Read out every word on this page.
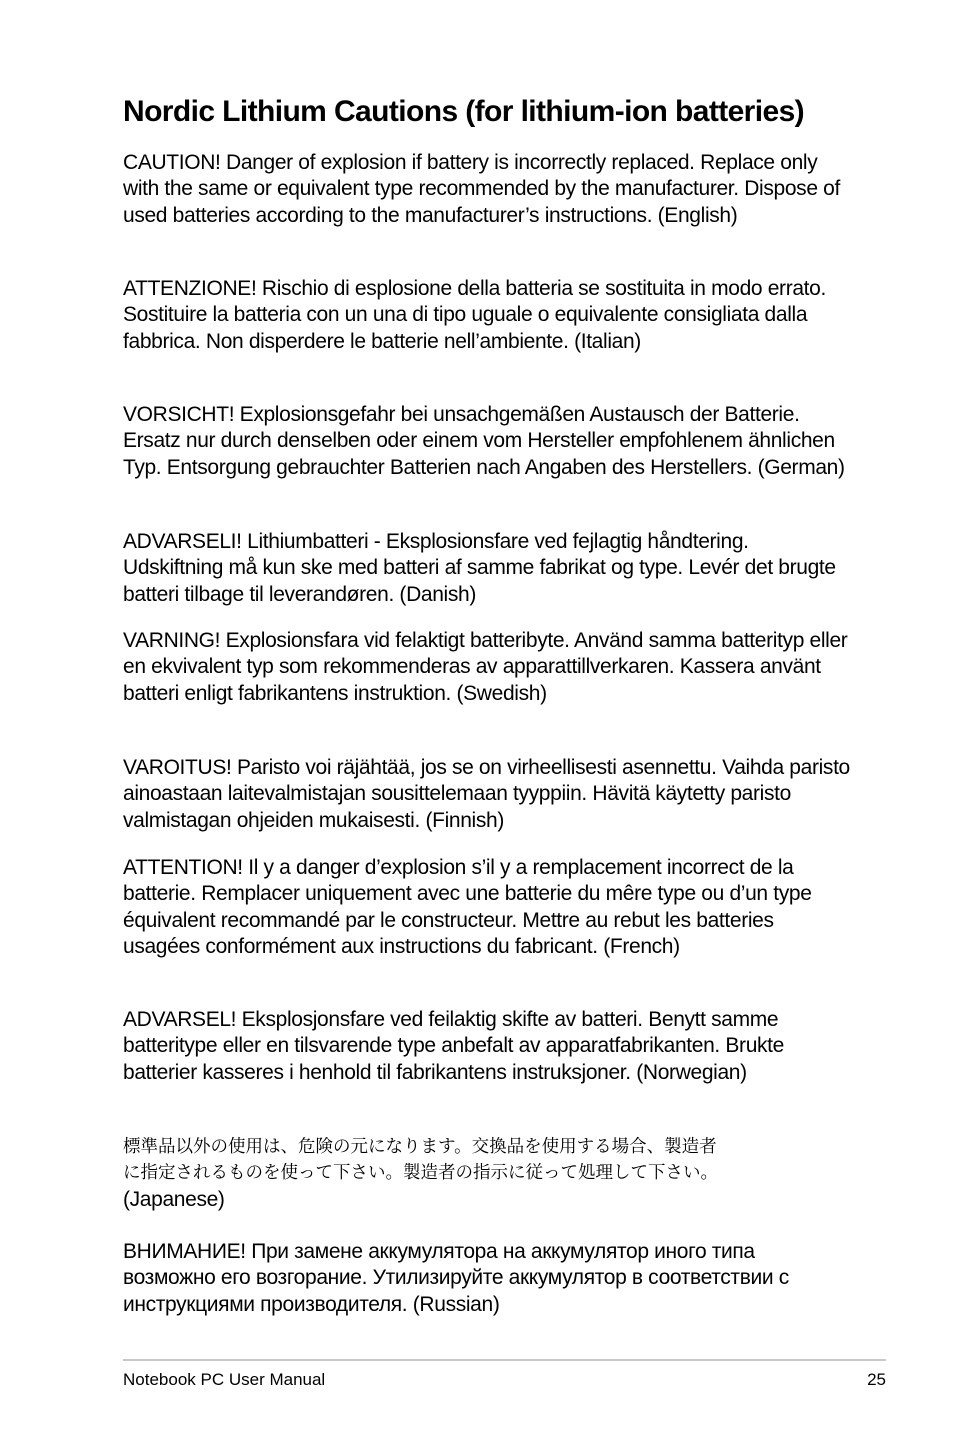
Nordic Lithium Cautions (for lithium-ion batteries)

CAUTION! Danger of explosion if battery is incorrectly replaced. Replace only with the same or equivalent type recommended by the manufacturer. Dispose of used batteries according to the manufacturer’s instructions. (English)

ATTENZIONE! Rischio di esplosione della batteria se sostituita in modo errato. Sostituire la batteria con un una di tipo uguale o equivalente consigliata dalla fabbrica. Non disperdere le batterie nell’ambiente. (Italian)

VORSICHT! Explosionsgefahr bei unsachgemäßen Austausch der Batterie. Ersatz nur durch denselben oder einem vom Hersteller empfohlenem ähnlichen Typ. Entsorgung gebrauchter Batterien nach Angaben des Herstellers. (German)

ADVARSELI! Lithiumbatteri - Eksplosionsfare ved fejlagtig håndtering. Udskiftning må kun ske med batteri af samme fabrikat og type. Levér det brugte batteri tilbage til leverandøren. (Danish)

VARNING! Explosionsfara vid felaktigt batteribyte. Använd samma batterityp eller en ekvivalent typ som rekommenderas av apparattillverkaren. Kassera använt batteri enligt fabrikantens instruktion. (Swedish)

VAROITUS! Paristo voi räjähtää, jos se on virheellisesti asennettu. Vaihda paristo ainoastaan laitevalmistajan sousittelemaan tyyppiin. Hävitä käytetty paristo valmistagan ohjeiden mukaisesti. (Finnish)

ATTENTION! Il y a danger d’explosion s’il y a remplacement incorrect de la batterie. Remplacer uniquement avec une batterie du mêre type ou d’un type équivalent recommandé par le constructeur. Mettre au rebut les batteries usagées conformément aux instructions du fabricant. (French)

ADVARSEL! Eksplosjonsfare ved feilaktig skifte av batteri. Benytt samme batteritype eller en tilsvarende type anbefalt av apparatfabrikanten. Brukte batterier kasseres i henhold til fabrikantens instruksjoner. (Norwegian)

標準品以外の使用は、危険の元になります。交換品を使用する場合、製造者
に指定されるものを使って下さい。製造者の指示に従って処理して下さい。
(Japanese)

ВНИМАНИЕ! При замене аккумулятора на аккумулятор иного типа возможно его возгорание. Утилизируйте аккумулятор в соответствии с инструкциями производителя. (Russian)

Notebook PC User Manual	25
